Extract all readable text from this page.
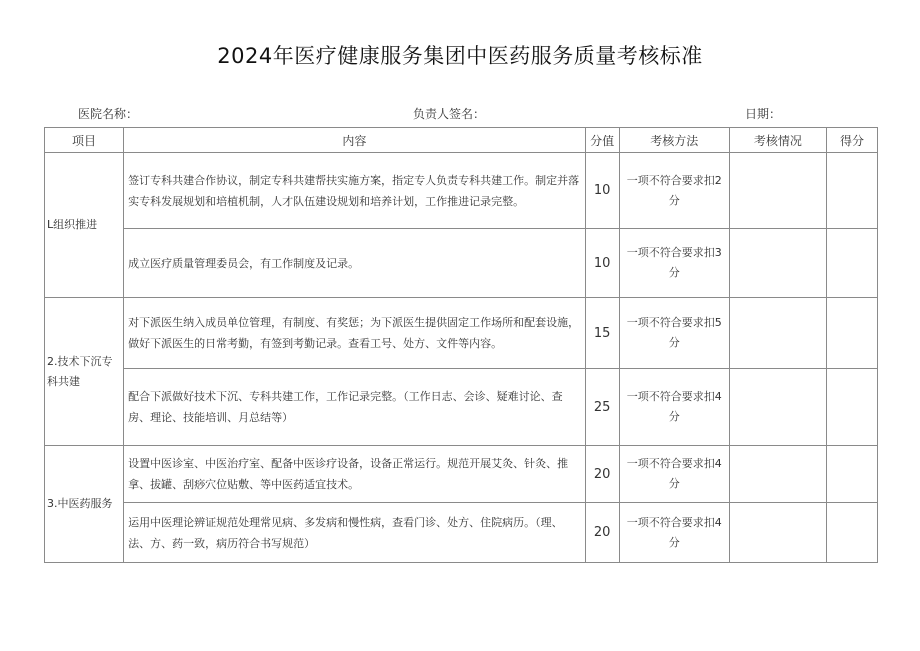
2024年医疗健康服务集团中医药服务质量考核标准
医院名称：	负责人签名：	日期：
项目	内容	分值	考核方法	考核情况	得分
L组织推进	签订专科共建合作协议，制定专科共建帮扶实施方案，指定专人负责专科共建工作。制定并落实专科发展规划和培植机制，人才队伍建设规划和培养计划，工作推进记录完整。	10	一项不符合要求扣2分		
	成立医疗质量管理委员会，有工作制度及记录。	10	一项不符合要求扣3分		
2.技术下沉专科共建	对下派医生纳入成员单位管理，有制度、有奖惩；为下派医生提供固定工作场所和配套设施，做好下派医生的日常考勤，有签到考勤记录。查看工号、处方、文件等内容。	15	一项不符合要求扣5分		
	配合下派做好技术下沉、专科共建工作，工作记录完整。（工作日志、会诊、疑难讨论、查房、理论、技能培训、月总结等）	25	一项不符合要求扣4分		
3.中医药服务	设置中医诊室、中医治疗室、配备中医诊疗设备，设备正常运行。规范开展艾灸、针灸、推拿、拔罐、刮痧穴位贴敷、等中医药适宜技术。	20	一项不符合要求扣4分		
	运用中医理论辨证规范处理常见病、多发病和慢性病，查看门诊、处方、住院病历。（理、法、方、药一致，病历符合书写规范）	20	一项不符合要求扣4分		
